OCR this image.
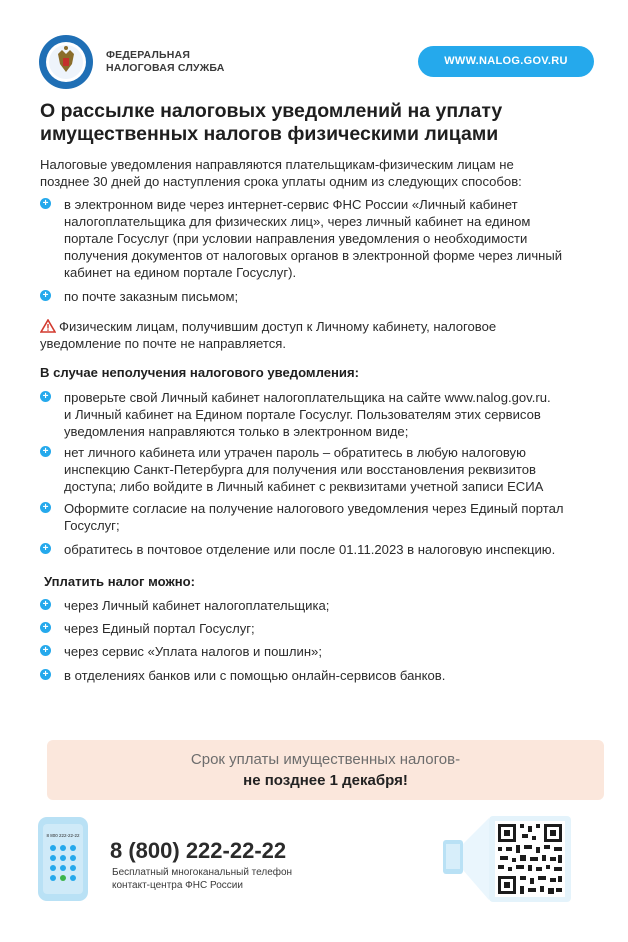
ФЕДЕРАЛЬНАЯ
НАЛОГОВАЯ СЛУЖБА
WWW.NALOG.GOV.RU
О рассылке налоговых уведомлений на уплату
имущественных налогов физическими лицами
Налоговые уведомления направляются плательщикам-физическим лицам не
позднее 30 дней до наступления срока уплаты одним из следующих способов:
+ в электронном виде через интернет-сервис ФНС России «Личный кабинет
налогоплательщика для физических лиц», через личный кабинет на едином
портале Госуслуг (при условии направления уведомления о необходимости
получения документов от налоговых органов в электронной форме через личный
кабинет на едином портале Госуслуг).
+ по почте заказным письмом;
Физическим лицам, получившим доступ к Личному кабинету, налоговое
уведомление по почте не направляется.
В случае неполучения налогового уведомления:
+ проверьте свой Личный кабинет налогоплательщика на сайте www.nalog.gov.ru.
и Личный кабинет на Едином портале Госуслуг. Пользователям этих сервисов
уведомления направляются только в электронном виде;
+ нет личного кабинета или утрачен пароль – обратитесь в любую налоговую
инспекцию Санкт-Петербурга для получения или восстановления реквизитов
доступа; либо войдите в Личный кабинет с реквизитами учетной записи ЕСИА
+ Оформите согласие на получение налогового уведомления через Единый портал
Госуслуг;
+ обратитесь в почтовое отделение или после 01.11.2023 в налоговую инспекцию.
Уплатить налог можно:
+ через Личный кабинет налогоплательщика;
+ через Единый портал Госуслуг;
+ через сервис «Уплата налогов и пошлин»;
+ в отделениях банков или с помощью онлайн-сервисов банков.
Срок уплаты имущественных налогов-
не позднее 1 декабря!
8 800 222-22-22
8 (800) 222-22-22
Бесплатный многоканальный телефон
контакт-центра ФНС России
